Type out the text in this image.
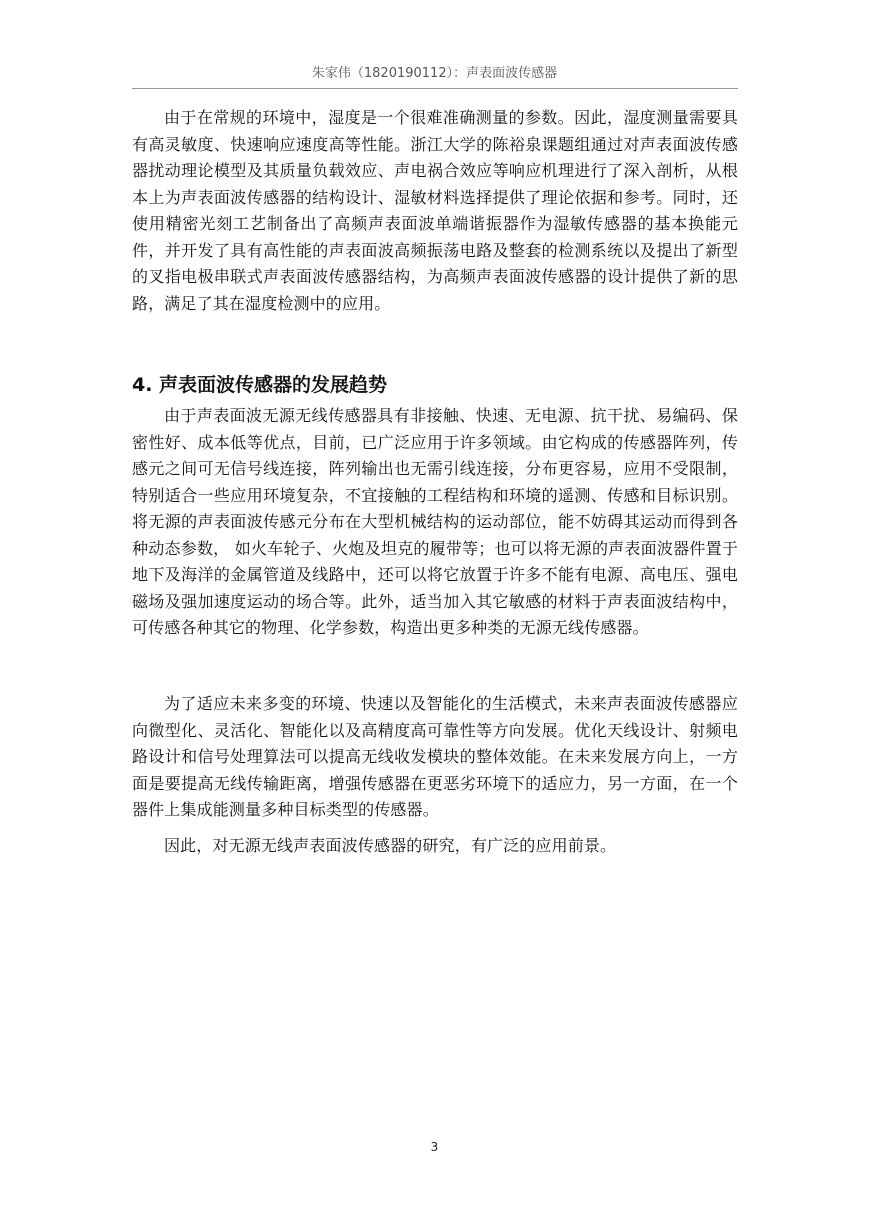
朱家伟（1820190112）：声表面波传感器

由于在常规的环境中，湿度是一个很难准确测量的参数。因此，湿度测量需要具有高灵敏度、快速响应速度高等性能。浙江大学的陈裕泉课题组通过对声表面波传感器扰动理论模型及其质量负载效应、声电祸合效应等响应机理进行了深入剖析，从根本上为声表面波传感器的结构设计、湿敏材料选择提供了理论依据和参考。同时，还使用精密光刻工艺制备出了高频声表面波单端谐振器作为湿敏传感器的基本换能元件，并开发了具有高性能的声表面波高频振荡电路及整套的检测系统以及提出了新型的叉指电极串联式声表面波传感器结构，为高频声表面波传感器的设计提供了新的思路，满足了其在湿度检测中的应用。

4. 声表面波传感器的发展趋势

由于声表面波无源无线传感器具有非接触、快速、无电源、抗干扰、易编码、保密性好、成本低等优点，目前，已广泛应用于许多领域。由它构成的传感器阵列，传感元之间可无信号线连接，阵列输出也无需引线连接，分布更容易，应用不受限制，特别适合一些应用环境复杂，不宜接触的工程结构和环境的遥测、传感和目标识别。将无源的声表面波传感元分布在大型机械结构的运动部位，能不妨碍其运动而得到各种动态参数， 如火车轮子、火炮及坦克的履带等；也可以将无源的声表面波器件置于地下及海洋的金属管道及线路中，还可以将它放置于许多不能有电源、高电压、强电磁场及强加速度运动的场合等。此外，适当加入其它敏感的材料于声表面波结构中，可传感各种其它的物理、化学参数，构造出更多种类的无源无线传感器。

为了适应未来多变的环境、快速以及智能化的生活模式，未来声表面波传感器应向微型化、灵活化、智能化以及高精度高可靠性等方向发展。优化天线设计、射频电路设计和信号处理算法可以提高无线收发模块的整体效能。在未来发展方向上，一方面是要提高无线传输距离，增强传感器在更恶劣环境下的适应力，另一方面，在一个器件上集成能测量多种目标类型的传感器。

因此，对无源无线声表面波传感器的研究，有广泛的应用前景。

3
